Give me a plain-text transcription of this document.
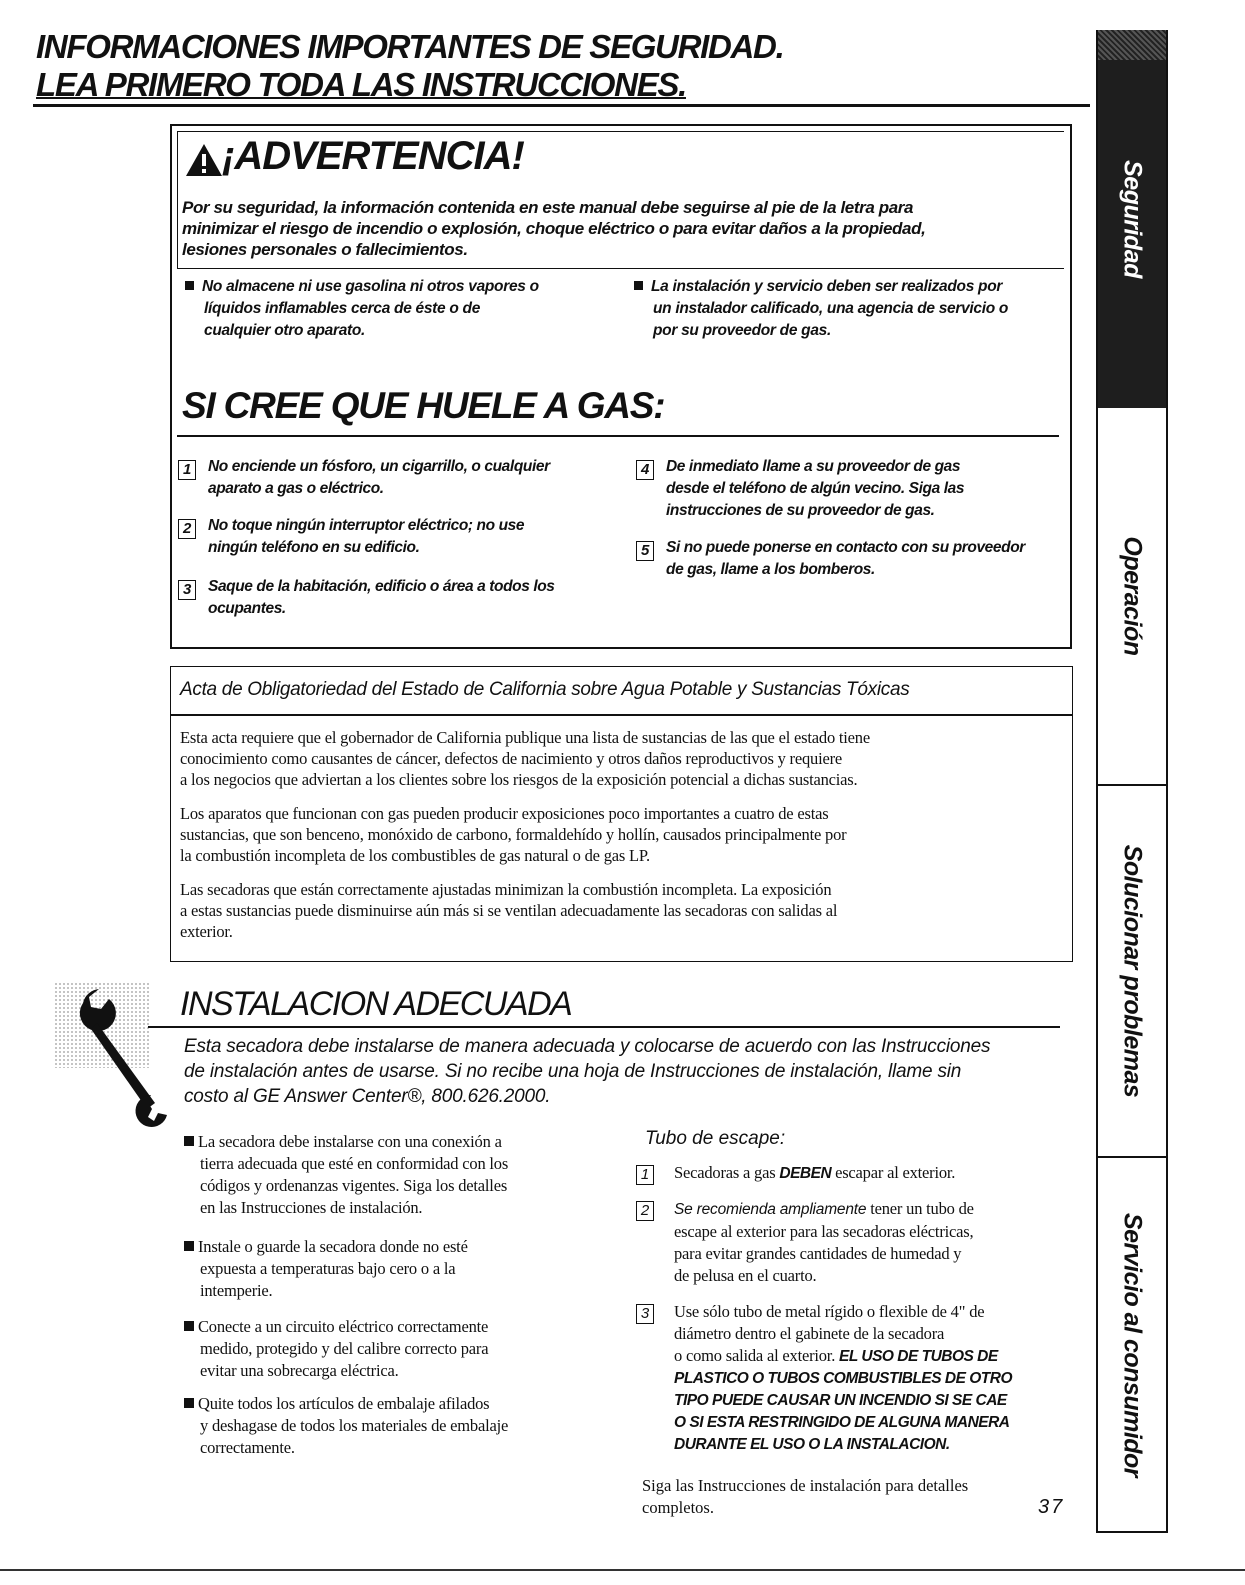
INFORMACIONES IMPORTANTES DE SEGURIDAD.
LEA PRIMERO TODA LAS INSTRUCCIONES.
Seguridad
Operación
Solucionar problemas
Servicio al consumidor
¡ADVERTENCIA!
Por su seguridad, la información contenida en este manual debe seguirse al pie de la letra para
minimizar el riesgo de incendio o explosión, choque eléctrico o para evitar daños a la propiedad,
lesiones personales o fallecimientos.
No almacene ni use gasolina ni otros vapores o
líquidos inflamables cerca de éste o de
cualquier otro aparato.
La instalación y servicio deben ser realizados por
un instalador calificado, una agencia de servicio o
por su proveedor de gas.
SI CREE QUE HUELE A GAS:
1	No enciende un fósforo, un cigarrillo, o cualquier
aparato a gas o eléctrico.
2	No toque ningún interruptor eléctrico; no use
ningún teléfono en su edificio.
3	Saque de la habitación, edificio o área a todos los
ocupantes.
4	De inmediato llame a su proveedor de gas
desde el teléfono de algún vecino. Siga las
instrucciones de su proveedor de gas.
5	Si no puede ponerse en contacto con su proveedor
de gas, llame a los bomberos.
Acta de Obligatoriedad del Estado de California sobre Agua Potable y Sustancias Tóxicas
Esta acta requiere que el gobernador de California publique una lista de sustancias de las que el estado tiene
conocimiento como causantes de cáncer, defectos de nacimiento y otros daños reproductivos y requiere
a los negocios que adviertan a los clientes sobre los riesgos de la exposición potencial a dichas sustancias.
Los aparatos que funcionan con gas pueden producir exposiciones poco importantes a cuatro de estas
sustancias, que son benceno, monóxido de carbono, formaldehído y hollín, causados principalmente por
la combustión incompleta de los combustibles de gas natural o de gas LP.
Las secadoras que están correctamente ajustadas minimizan la combustión incompleta. La exposición
a estas sustancias puede disminuirse aún más si se ventilan adecuadamente las secadoras con salidas al
exterior.
INSTALACION ADECUADA
Esta secadora debe instalarse de manera adecuada y colocarse de acuerdo con las Instrucciones
de instalación antes de usarse. Si no recibe una hoja de Instrucciones de instalación, llame sin
costo al GE Answer Center®, 800.626.2000.
La secadora debe instalarse con una conexión a
tierra adecuada que esté en conformidad con los
códigos y ordenanzas vigentes. Siga los detalles
en las Instrucciones de instalación.
Instale o guarde la secadora donde no esté
expuesta a temperaturas bajo cero o a la
intemperie.
Conecte a un circuito eléctrico correctamente
medido, protegido y del calibre correcto para
evitar una sobrecarga eléctrica.
Quite todos los artículos de embalaje afilados
y deshagase de todos los materiales de embalaje
correctamente.
Tubo de escape:
1 Secadoras a gas DEBEN escapar al exterior.
2	Se recomienda ampliamente tener un tubo de
escape al exterior para las secadoras eléctricas,
para evitar grandes cantidades de humedad y
de pelusa en el cuarto.
3 Use sólo tubo de metal rígido o flexible de 4" de
diámetro dentro el gabinete de la secadora
o como salida al exterior. EL USO DE TUBOS DE
PLASTICO O TUBOS COMBUSTIBLES DE OTRO
TIPO PUEDE CAUSAR UN INCENDIO SI SE CAE
O SI ESTA RESTRINGIDO DE ALGUNA MANERA
DURANTE EL USO O LA INSTALACION.
Siga las Instrucciones de instalación para detalles
completos.	37
